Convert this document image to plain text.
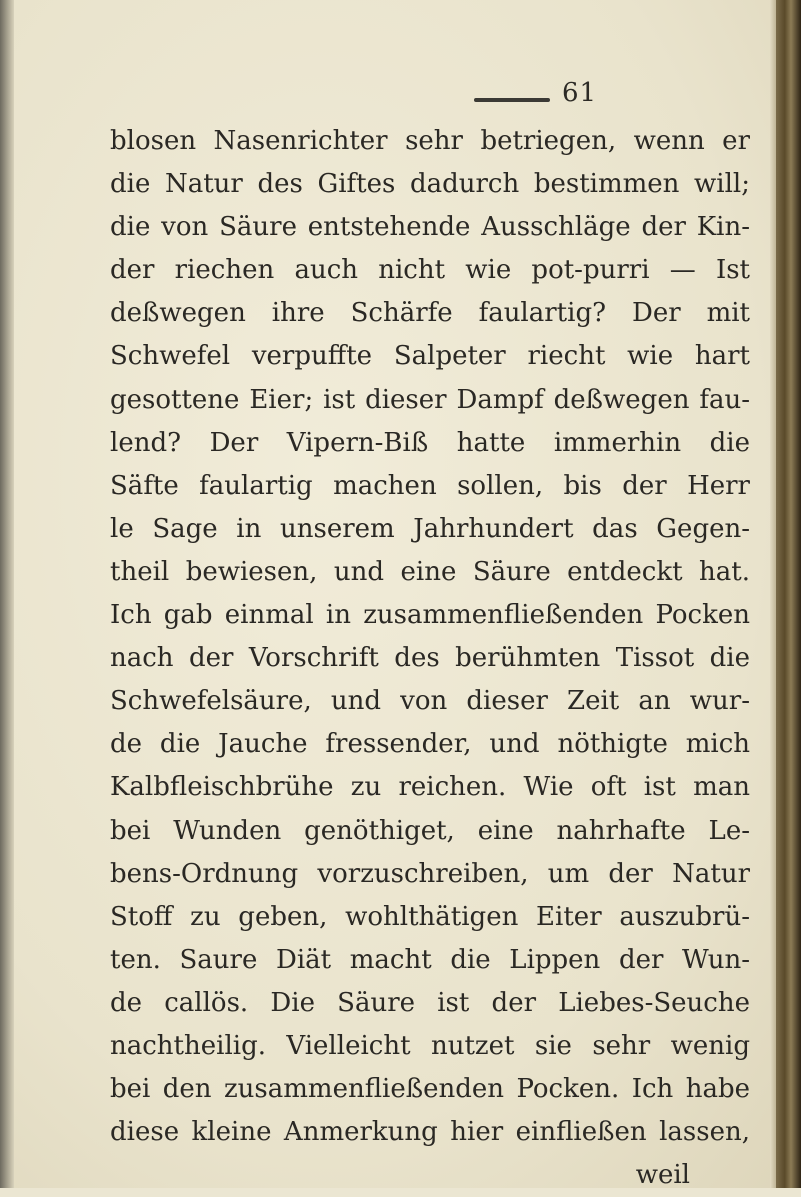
61
blosen Nasenrichter sehr betriegen, wenn er
die Natur des Giftes dadurch bestimmen will;
die von Säure entstehende Ausschläge der Kin-
der riechen auch nicht wie pot-purri — Ist
deßwegen ihre Schärfe faulartig? Der mit
Schwefel verpuffte Salpeter riecht wie hart
gesottene Eier; ist dieser Dampf deßwegen fau-
lend? Der Vipern-Biß hatte immerhin die
Säfte faulartig machen sollen, bis der Herr
le Sage in unserem Jahrhundert das Gegen-
theil bewiesen, und eine Säure entdeckt hat.
Ich gab einmal in zusammenfließenden Pocken
nach der Vorschrift des berühmten Tissot die
Schwefelsäure, und von dieser Zeit an wur-
de die Jauche fressender, und nöthigte mich
Kalbfleischbrühe zu reichen. Wie oft ist man
bei Wunden genöthiget, eine nahrhafte Le-
bens-Ordnung vorzuschreiben, um der Natur
Stoff zu geben, wohlthätigen Eiter auszubrü-
ten. Saure Diät macht die Lippen der Wun-
de callös. Die Säure ist der Liebes-Seuche
nachtheilig. Vielleicht nutzet sie sehr wenig
bei den zusammenfließenden Pocken. Ich habe
diese kleine Anmerkung hier einfließen lassen,
weil
